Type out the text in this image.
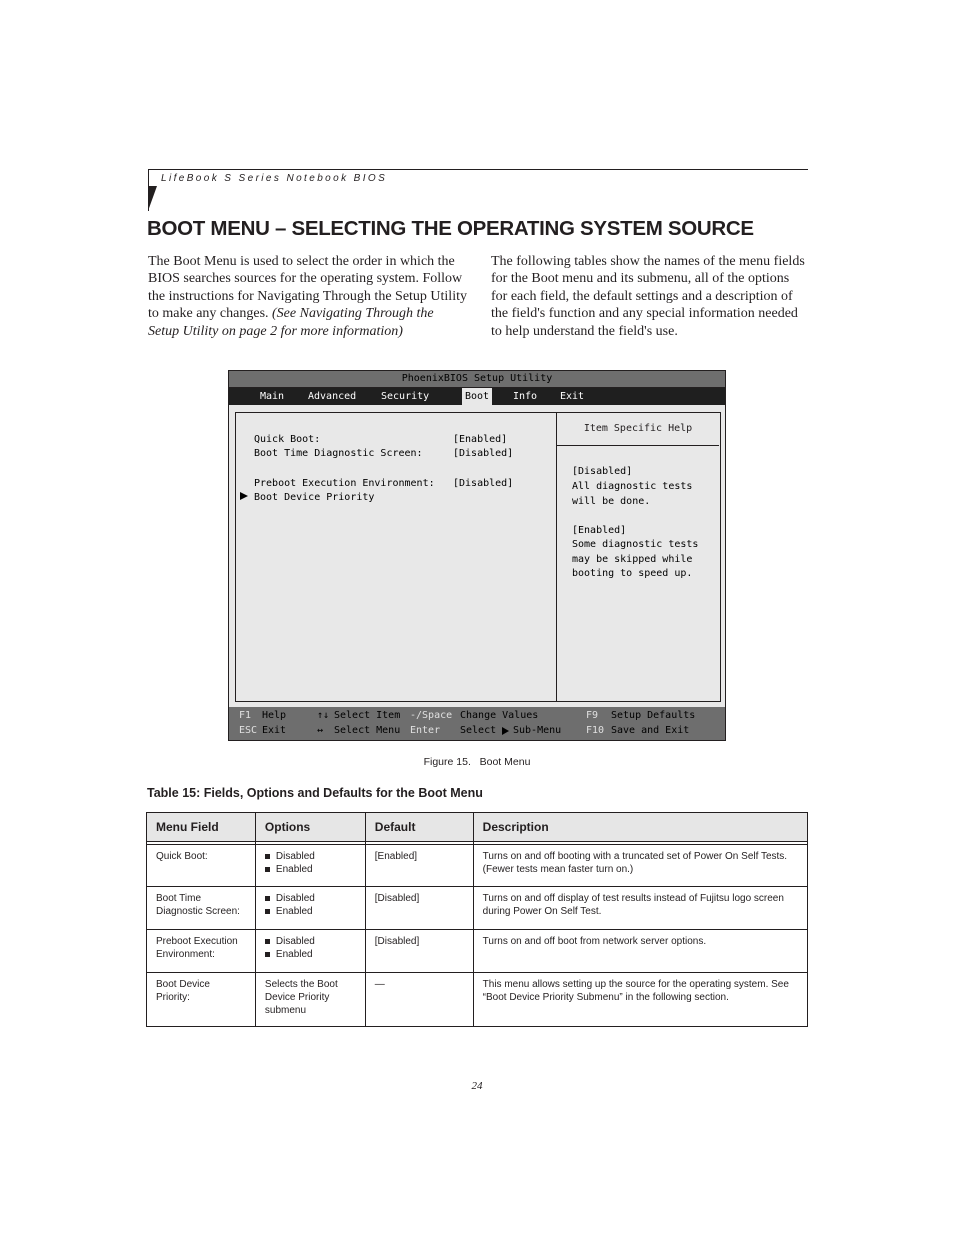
LifeBook S Series Notebook BIOS
BOOT MENU – SELECTING THE OPERATING SYSTEM SOURCE
The Boot Menu is used to select the order in which the BIOS searches sources for the operating system. Follow the instructions for Navigating Through the Setup Utility to make any changes. (See Navigating Through the Setup Utility on page 2 for more information)
The following tables show the names of the menu fields for the Boot menu and its submenu, all of the options for each field, the default settings and a description of the field's function and any special information needed to help understand the field's use.
PhoenixBIOS Setup Utility
Main Advanced Security	Boot	Info Exit
Item Specific Help
Quick Boot:	[Enabled]
Boot Time Diagnostic Screen:	[Disabled]
Preboot Execution Environment: [Disabled]
Boot Device Priority
[Disabled]
All diagnostic tests
will be done.
[Enabled]
Some diagnostic tests
may be skipped while
booting to speed up.
F1 Help
ESC Exit
↑↓ Select Item
↔ Select Menu
-/Space Change Values
Enter Select Sub-Menu
F9 Setup Defaults
F10 Save and Exit
Figure 15.   Boot Menu
Table 15: Fields, Options and Defaults for the Boot Menu
Menu Field	Options	Default	Description

Quick Boot:	Disabled
Enabled	[Enabled]	Turns on and off booting with a truncated set of Power On Self Tests. (Fewer tests mean faster turn on.)
Boot Time Diagnostic Screen:	Disabled
Enabled	[Disabled]	Turns on and off display of test results instead of Fujitsu logo screen during Power On Self Test.
Preboot Execution Environment:	Disabled
Enabled	[Disabled]	Turns on and off boot from network server options.
Boot Device Priority:	Selects the Boot Device Priority submenu	—	This menu allows setting up the source for the operating system. See “Boot Device Priority Submenu” in the following section.
24
